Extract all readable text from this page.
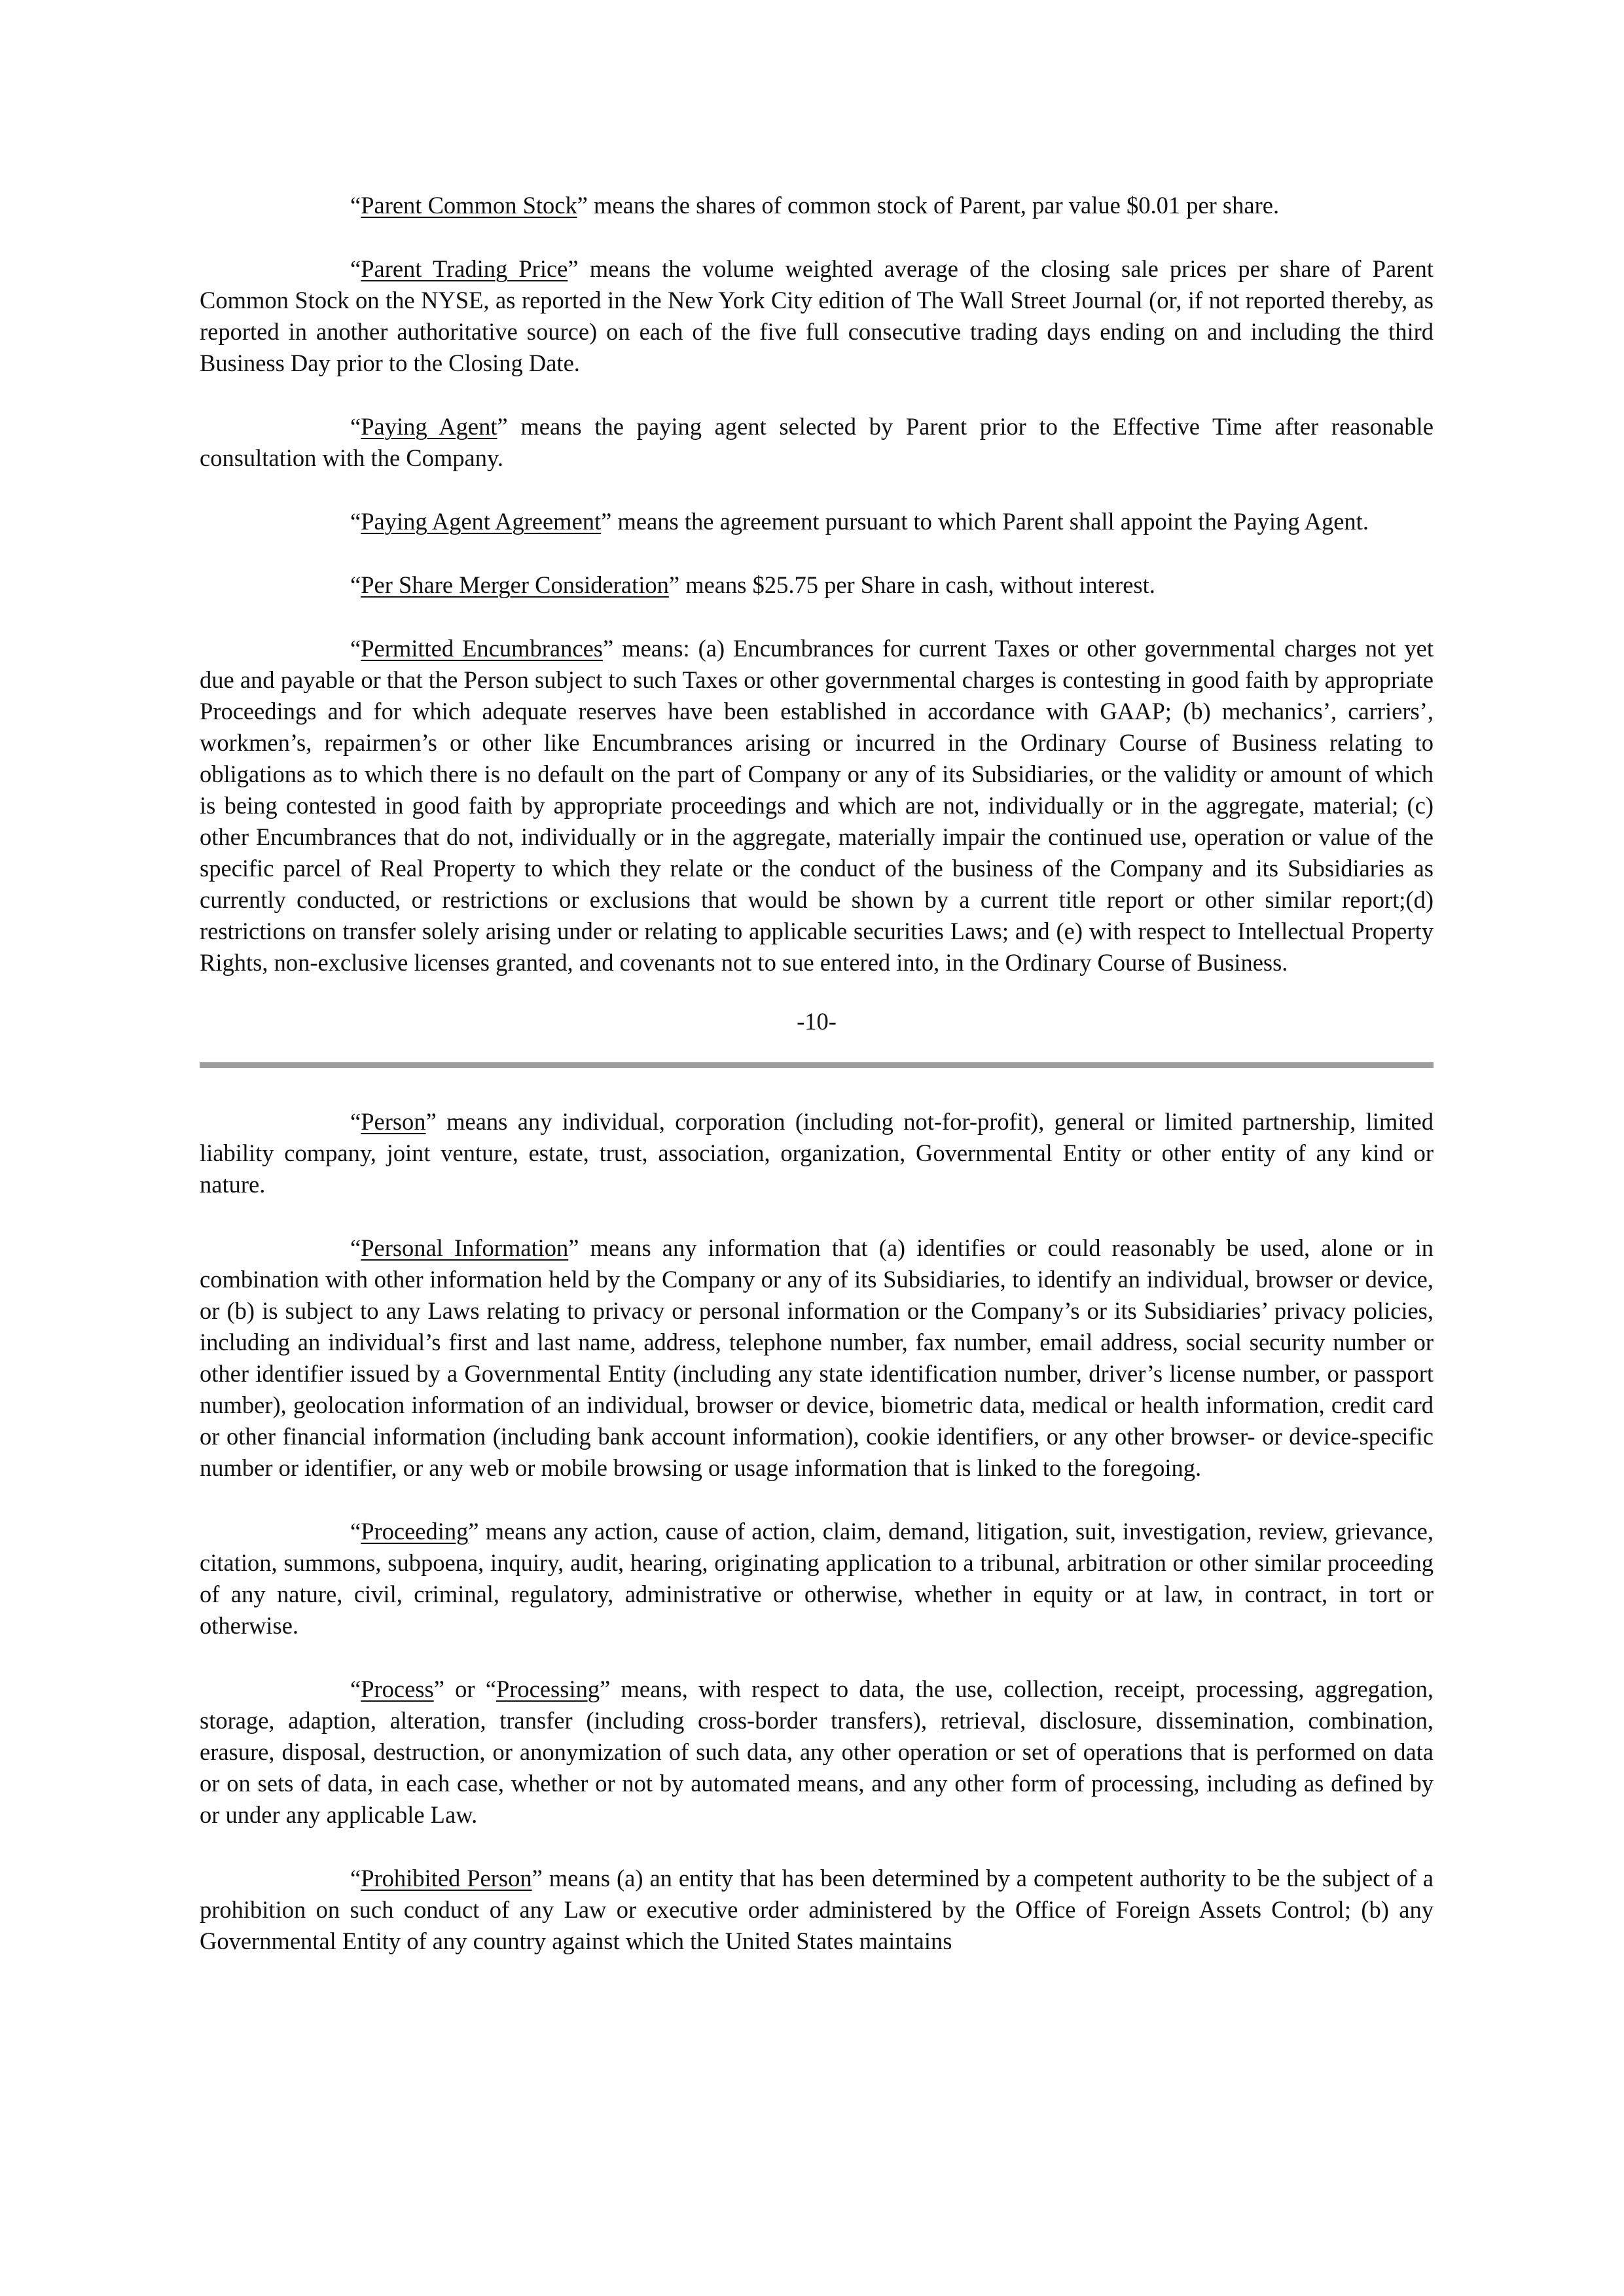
“Parent Common Stock” means the shares of common stock of Parent, par value $0.01 per share.

“Parent Trading Price” means the volume weighted average of the closing sale prices per share of Parent Common Stock on the NYSE, as reported in the New York City edition of The Wall Street Journal (or, if not reported thereby, as reported in another authoritative source) on each of the five full consecutive trading days ending on and including the third Business Day prior to the Closing Date.

“Paying Agent” means the paying agent selected by Parent prior to the Effective Time after reasonable consultation with the Company.

“Paying Agent Agreement” means the agreement pursuant to which Parent shall appoint the Paying Agent.

“Per Share Merger Consideration” means $25.75 per Share in cash, without interest.

“Permitted Encumbrances” means: (a) Encumbrances for current Taxes or other governmental charges not yet due and payable or that the Person subject to such Taxes or other governmental charges is contesting in good faith by appropriate Proceedings and for which adequate reserves have been established in accordance with GAAP; (b) mechanics’, carriers’, workmen’s, repairmen’s or other like Encumbrances arising or incurred in the Ordinary Course of Business relating to obligations as to which there is no default on the part of Company or any of its Subsidiaries, or the validity or amount of which is being contested in good faith by appropriate proceedings and which are not, individually or in the aggregate, material; (c) other Encumbrances that do not, individually or in the aggregate, materially impair the continued use, operation or value of the specific parcel of Real Property to which they relate or the conduct of the business of the Company and its Subsidiaries as currently conducted, or restrictions or exclusions that would be shown by a current title report or other similar report;(d) restrictions on transfer solely arising under or relating to applicable securities Laws; and (e) with respect to Intellectual Property Rights, non-exclusive licenses granted, and covenants not to sue entered into, in the Ordinary Course of Business.

-10-

“Person” means any individual, corporation (including not-for-profit), general or limited partnership, limited liability company, joint venture, estate, trust, association, organization, Governmental Entity or other entity of any kind or nature.

“Personal Information” means any information that (a) identifies or could reasonably be used, alone or in combination with other information held by the Company or any of its Subsidiaries, to identify an individual, browser or device, or (b) is subject to any Laws relating to privacy or personal information or the Company’s or its Subsidiaries’ privacy policies, including an individual’s first and last name, address, telephone number, fax number, email address, social security number or other identifier issued by a Governmental Entity (including any state identification number, driver’s license number, or passport number), geolocation information of an individual, browser or device, biometric data, medical or health information, credit card or other financial information (including bank account information), cookie identifiers, or any other browser- or device-specific number or identifier, or any web or mobile browsing or usage information that is linked to the foregoing.

“Proceeding” means any action, cause of action, claim, demand, litigation, suit, investigation, review, grievance, citation, summons, subpoena, inquiry, audit, hearing, originating application to a tribunal, arbitration or other similar proceeding of any nature, civil, criminal, regulatory, administrative or otherwise, whether in equity or at law, in contract, in tort or otherwise.

“Process” or “Processing” means, with respect to data, the use, collection, receipt, processing, aggregation, storage, adaption, alteration, transfer (including cross-border transfers), retrieval, disclosure, dissemination, combination, erasure, disposal, destruction, or anonymization of such data, any other operation or set of operations that is performed on data or on sets of data, in each case, whether or not by automated means, and any other form of processing, including as defined by or under any applicable Law.

“Prohibited Person” means (a) an entity that has been determined by a competent authority to be the subject of a prohibition on such conduct of any Law or executive order administered by the Office of Foreign Assets Control; (b) any Governmental Entity of any country against which the United States maintains
